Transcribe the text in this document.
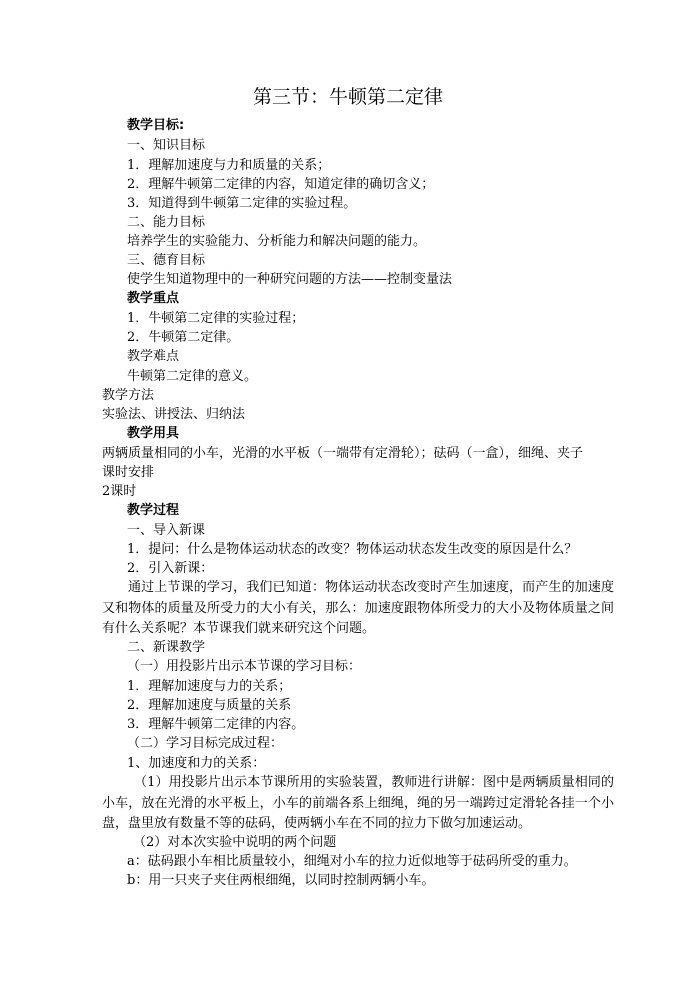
第三节：牛顿第二定律
教学目标:
一、知识目标
1．理解加速度与力和质量的关系；
2．理解牛顿第二定律的内容，知道定律的确切含义；
3．知道得到牛顿第二定律的实验过程。
二、能力目标
培养学生的实验能力、分析能力和解决问题的能力。
三、德育目标
使学生知道物理中的一种研究问题的方法——控制变量法
教学重点
1．牛顿第二定律的实验过程；
2．牛顿第二定律。
教学难点
牛顿第二定律的意义。
教学方法
实验法、讲授法、归纳法
教学用具
两辆质量相同的小车，光滑的水平板（一端带有定滑轮）；砝码（一盒），细绳、夹子
课时安排
2课时
教学过程
一、导入新课
1．提问：什么是物体运动状态的改变？物体运动状态发生改变的原因是什么？
2．引入新课：
通过上节课的学习，我们已知道：物体运动状态改变时产生加速度，而产生的加速度又和物体的质量及所受力的大小有关，那么：加速度跟物体所受力的大小及物体质量之间有什么关系呢？本节课我们就来研究这个问题。
二、新课教学
（一）用投影片出示本节课的学习目标：
1．理解加速度与力的关系；
2．理解加速度与质量的关系
3．理解牛顿第二定律的内容。
（二）学习目标完成过程：
1、加速度和力的关系：
（1）用投影片出示本节课所用的实验装置，教师进行讲解：图中是两辆质量相同的小车，放在光滑的水平板上，小车的前端各系上细绳，绳的另一端跨过定滑轮各挂一个小盘，盘里放有数量不等的砝码，使两辆小车在不同的拉力下做匀加速运动。
（2）对本次实验中说明的两个问题
a：砝码跟小车相比质量较小，细绳对小车的拉力近似地等于砝码所受的重力。
b：用一只夹子夹住两根细绳，以同时控制两辆小车。
